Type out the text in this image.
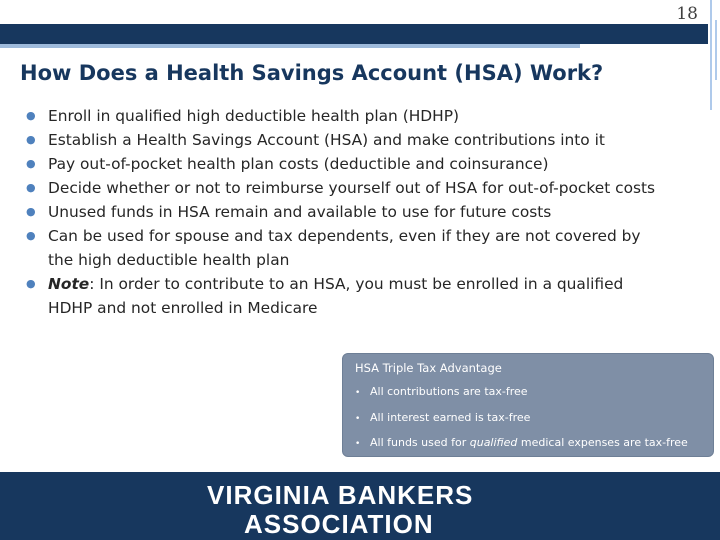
18
How Does a Health Savings Account (HSA) Work?
● Enroll in qualified high deductible health plan (HDHP)
● Establish a Health Savings Account (HSA) and make contributions into it
● Pay out-of-pocket health plan costs (deductible and coinsurance)
● Decide whether or not to reimburse yourself out of HSA for out-of-pocket costs
● Unused funds in HSA remain and available to use for future costs
● Can be used for spouse and tax dependents, even if they are not covered by the high deductible health plan
● Note: In order to contribute to an HSA, you must be enrolled in a qualified HDHP and not enrolled in Medicare
HSA Triple Tax Advantage
• All contributions are tax-free
• All interest earned is tax-free
• All funds used for qualified medical expenses are tax-free
VIRGINIA BANKERS
ASSOCIATION
